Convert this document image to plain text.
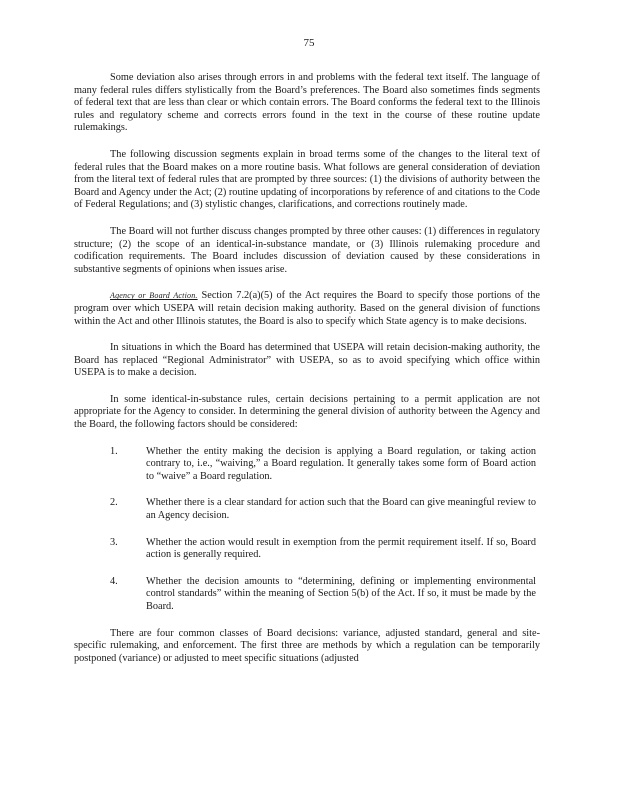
75

Some deviation also arises through errors in and problems with the federal text itself. The language of many federal rules differs stylistically from the Board’s preferences. The Board also sometimes finds segments of federal text that are less than clear or which contain errors. The Board conforms the federal text to the Illinois rules and regulatory scheme and corrects errors found in the text in the course of these routine update rulemakings.

The following discussion segments explain in broad terms some of the changes to the literal text of federal rules that the Board makes on a more routine basis. What follows are general consideration of deviation from the literal text of federal rules that are prompted by three sources: (1) the divisions of authority between the Board and Agency under the Act; (2) routine updating of incorporations by reference of and citations to the Code of Federal Regulations; and (3) stylistic changes, clarifications, and corrections routinely made.

The Board will not further discuss changes prompted by three other causes: (1) differences in regulatory structure; (2) the scope of an identical-in-substance mandate, or (3) Illinois rulemaking procedure and codification requirements. The Board includes discussion of deviation caused by these considerations in substantive segments of opinions when issues arise.

Agency or Board Action. Section 7.2(a)(5) of the Act requires the Board to specify those portions of the program over which USEPA will retain decision making authority. Based on the general division of functions within the Act and other Illinois statutes, the Board is also to specify which State agency is to make decisions.

In situations in which the Board has determined that USEPA will retain decision-making authority, the Board has replaced “Regional Administrator” with USEPA, so as to avoid specifying which office within USEPA is to make a decision.

In some identical-in-substance rules, certain decisions pertaining to a permit application are not appropriate for the Agency to consider. In determining the general division of authority between the Agency and the Board, the following factors should be considered:

1.	Whether the entity making the decision is applying a Board regulation, or taking action contrary to, i.e., “waiving,” a Board regulation. It generally takes some form of Board action to “waive” a Board regulation.
2.	Whether there is a clear standard for action such that the Board can give meaningful review to an Agency decision.
3.	Whether the action would result in exemption from the permit requirement itself. If so, Board action is generally required.
4.	Whether the decision amounts to “determining, defining or implementing environmental control standards” within the meaning of Section 5(b) of the Act. If so, it must be made by the Board.

There are four common classes of Board decisions: variance, adjusted standard, general and site-specific rulemaking, and enforcement. The first three are methods by which a regulation can be temporarily postponed (variance) or adjusted to meet specific situations (adjusted
